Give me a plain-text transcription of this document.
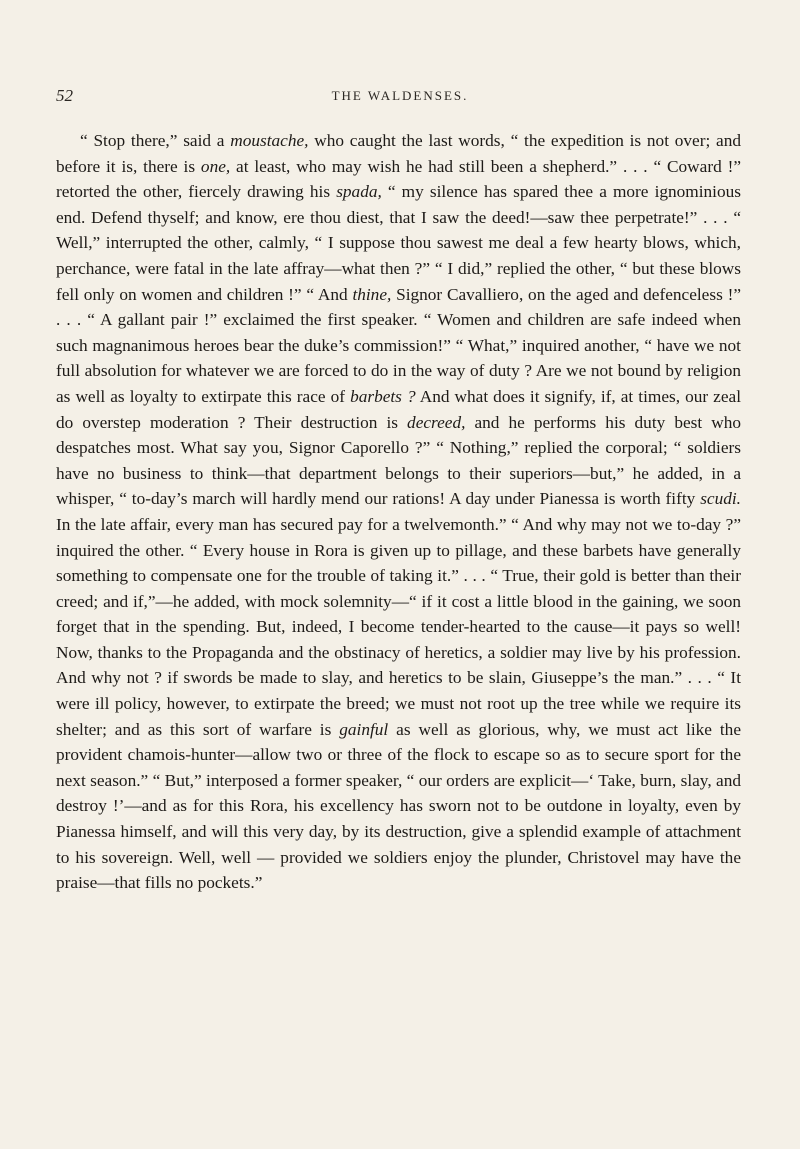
52	THE WALDENSES.

“ Stop there,” said a moustache, who caught the last words, “ the expedition is not over; and before it is, there is one, at least, who may wish he had still been a shepherd.” . . . “ Coward !” retorted the other, fiercely drawing his spada, “ my silence has spared thee a more ignominious end. Defend thyself; and know, ere thou diest, that I saw the deed!—saw thee perpetrate!” . . . “ Well,” interrupted the other, calmly, “ I suppose thou sawest me deal a few hearty blows, which, perchance, were fatal in the late affray—what then ?” “ I did,” replied the other, “ but these blows fell only on women and children !” “ And thine, Signor Cavalliero, on the aged and defenceless !” . . . “ A gallant pair !” exclaimed the first speaker. “ Women and children are safe indeed when such magnanimous heroes bear the duke’s commission!” “ What,” inquired another, “ have we not full absolution for whatever we are forced to do in the way of duty ? Are we not bound by religion as well as loyalty to extirpate this race of barbets ? And what does it signify, if, at times, our zeal do overstep moderation ? Their destruction is decreed, and he performs his duty best who despatches most. What say you, Signor Caporello ?” “ Nothing,” replied the corporal; “ soldiers have no business to think—that department belongs to their superiors—but,” he added, in a whisper, “ to-day’s march will hardly mend our rations! A day under Pianessa is worth fifty scudi. In the late affair, every man has secured pay for a twelvemonth.” “ And why may not we to-day ?” inquired the other. “ Every house in Rora is given up to pillage, and these barbets have generally something to compensate one for the trouble of taking it.” . . . “ True, their gold is better than their creed; and if,”—he added, with mock solemnity—“ if it cost a little blood in the gaining, we soon forget that in the spending. But, indeed, I become tender-hearted to the cause—it pays so well! Now, thanks to the Propaganda and the obstinacy of heretics, a soldier may live by his profession. And why not ? if swords be made to slay, and heretics to be slain, Giuseppe’s the man.” . . . “ It were ill policy, however, to extirpate the breed; we must not root up the tree while we require its shelter; and as this sort of warfare is gainful as well as glorious, why, we must act like the provident chamois-hunter—allow two or three of the flock to escape so as to secure sport for the next season.” “ But,” interposed a former speaker, “ our orders are explicit—‘ Take, burn, slay, and destroy !’—and as for this Rora, his excellency has sworn not to be outdone in loyalty, even by Pianessa himself, and will this very day, by its destruction, give a splendid example of attachment to his sovereign. Well, well — provided we soldiers enjoy the plunder, Christovel may have the praise—that fills no pockets.”
